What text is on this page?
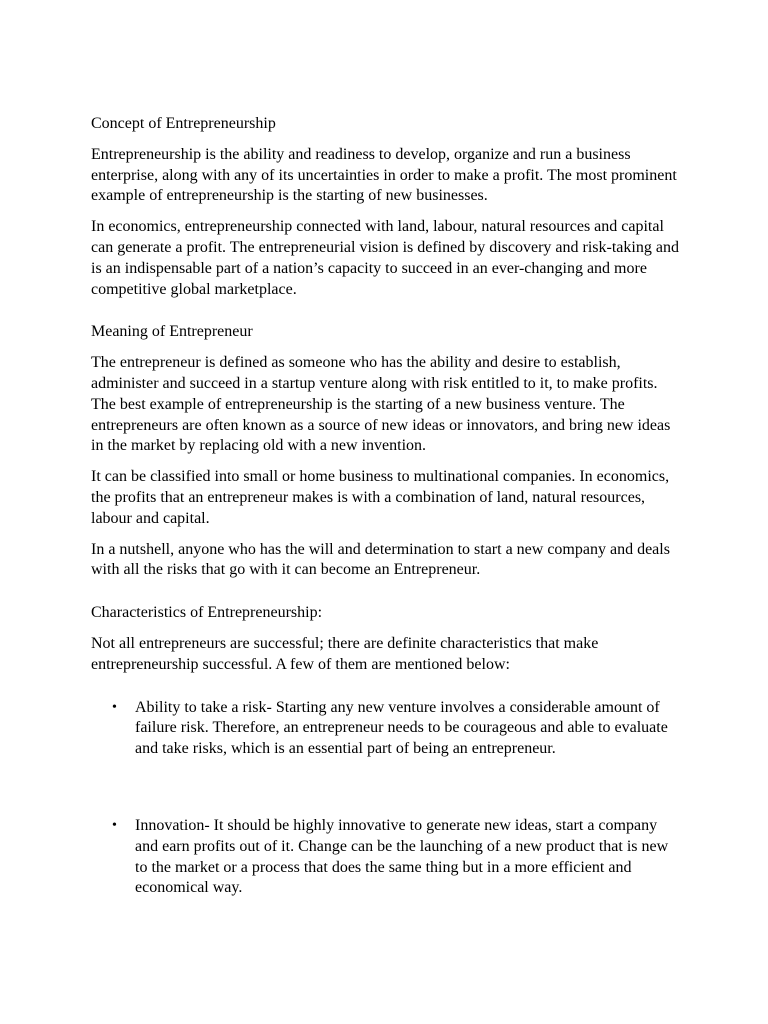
Concept of Entrepreneurship

Entrepreneurship is the ability and readiness to develop, organize and run a business enterprise, along with any of its uncertainties in order to make a profit. The most prominent example of entrepreneurship is the starting of new businesses.

In economics, entrepreneurship connected with land, labour, natural resources and capital can generate a profit. The entrepreneurial vision is defined by discovery and risk-taking and is an indispensable part of a nation’s capacity to succeed in an ever-changing and more competitive global marketplace.

Meaning of Entrepreneur

The entrepreneur is defined as someone who has the ability and desire to establish, administer and succeed in a startup venture along with risk entitled to it, to make profits. The best example of entrepreneurship is the starting of a new business venture. The entrepreneurs are often known as a source of new ideas or innovators, and bring new ideas in the market by replacing old with a new invention.

It can be classified into small or home business to multinational companies. In economics, the profits that an entrepreneur makes is with a combination of land, natural resources, labour and capital.

In a nutshell, anyone who has the will and determination to start a new company and deals with all the risks that go with it can become an Entrepreneur.

Characteristics of Entrepreneurship:

Not all entrepreneurs are successful; there are definite characteristics that make entrepreneurship successful. A few of them are mentioned below:

• Ability to take a risk- Starting any new venture involves a considerable amount of failure risk. Therefore, an entrepreneur needs to be courageous and able to evaluate and take risks, which is an essential part of being an entrepreneur.
• Innovation- It should be highly innovative to generate new ideas, start a company and earn profits out of it. Change can be the launching of a new product that is new to the market or a process that does the same thing but in a more efficient and economical way.
